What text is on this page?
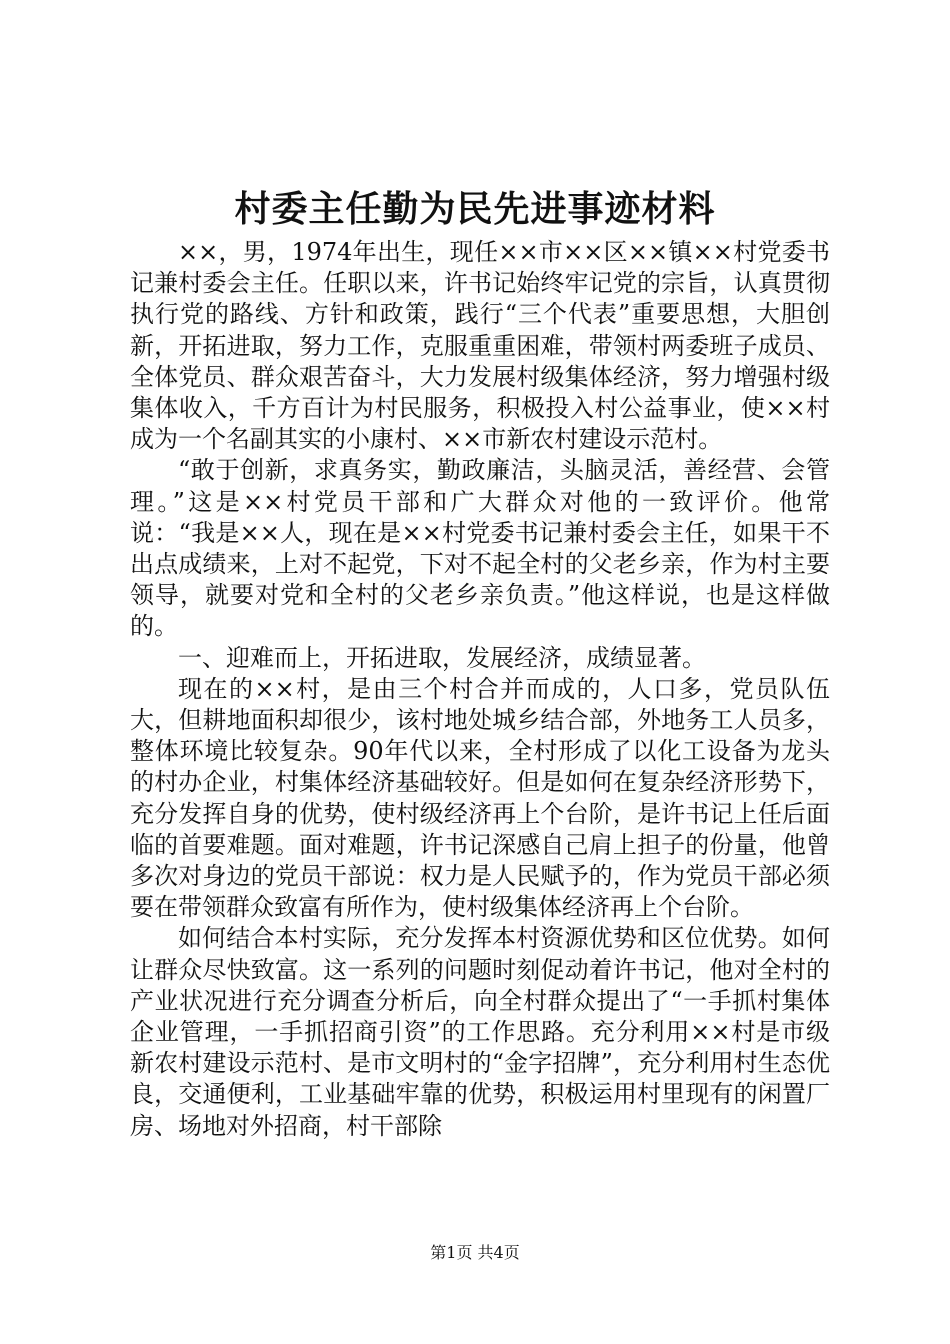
村委主任勤为民先进事迹材料

××，男，1974年出生，现任××市××区××镇××村党委书记兼村委会主任。任职以来，许书记始终牢记党的宗旨，认真贯彻执行党的路线、方针和政策，践行“三个代表”重要思想，大胆创新，开拓进取，努力工作，克服重重困难，带领村两委班子成员、全体党员、群众艰苦奋斗，大力发展村级集体经济，努力增强村级集体收入，千方百计为村民服务，积极投入村公益事业，使××村成为一个名副其实的小康村、××市新农村建设示范村。

“敢于创新，求真务实，勤政廉洁，头脑灵活，善经营、会管理。”这是××村党员干部和广大群众对他的一致评价。他常说：“我是××人，现在是××村党委书记兼村委会主任，如果干不出点成绩来，上对不起党，下对不起全村的父老乡亲，作为村主要领导，就要对党和全村的父老乡亲负责。”他这样说，也是这样做的。

一、迎难而上，开拓进取，发展经济，成绩显著。

现在的××村，是由三个村合并而成的，人口多，党员队伍大，但耕地面积却很少，该村地处城乡结合部，外地务工人员多，整体环境比较复杂。90年代以来，全村形成了以化工设备为龙头的村办企业，村集体经济基础较好。但是如何在复杂经济形势下，充分发挥自身的优势，使村级经济再上个台阶，是许书记上任后面临的首要难题。面对难题，许书记深感自己肩上担子的份量，他曾多次对身边的党员干部说：权力是人民赋予的，作为党员干部必须要在带领群众致富有所作为，使村级集体经济再上个台阶。

如何结合本村实际，充分发挥本村资源优势和区位优势。如何让群众尽快致富。这一系列的问题时刻促动着许书记，他对全村的产业状况进行充分调查分析后，向全村群众提出了“一手抓村集体企业管理，一手抓招商引资”的工作思路。充分利用××村是市级新农村建设示范村、是市文明村的“金字招牌”，充分利用村生态优良，交通便利，工业基础牢靠的优势，积极运用村里现有的闲置厂房、场地对外招商，村干部除

第1页 共4页
